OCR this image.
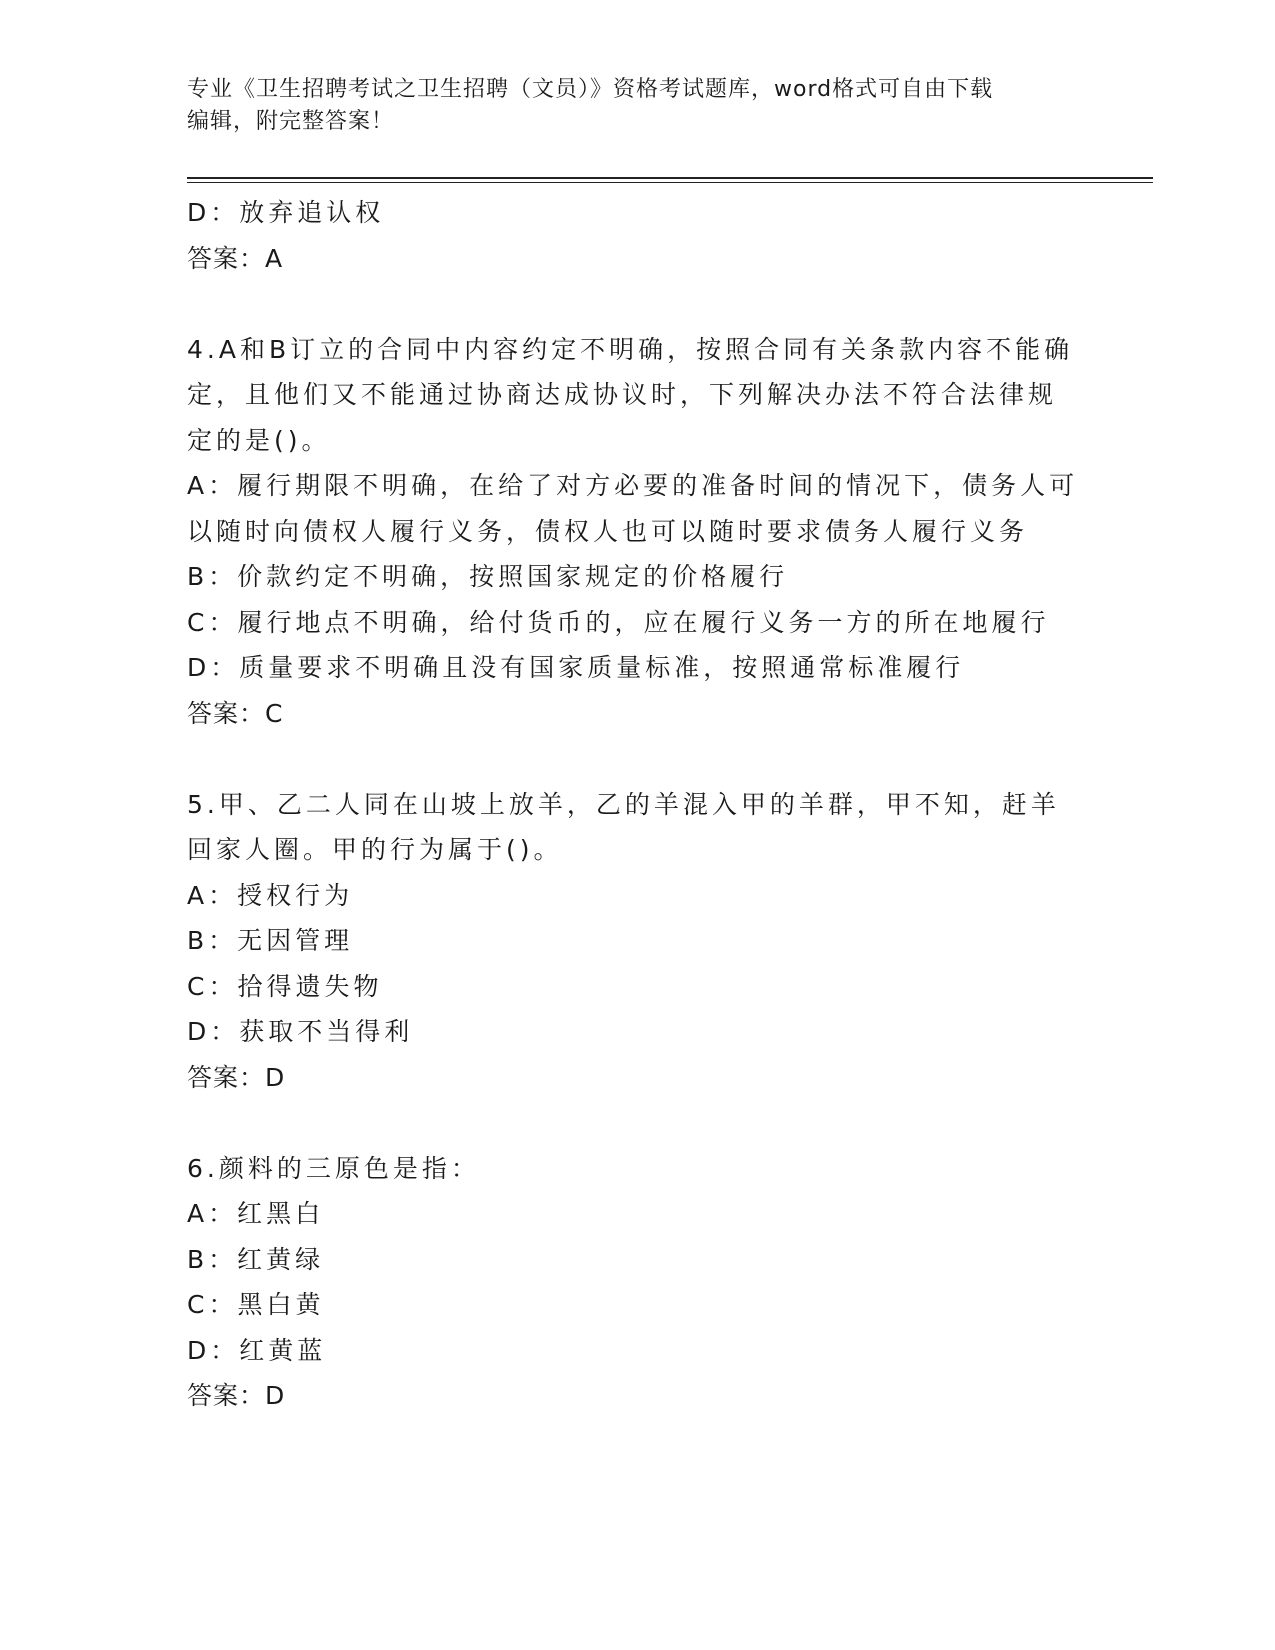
专业《卫生招聘考试之卫生招聘（文员）》资格考试题库，word格式可自由下载
编辑，附完整答案！
D：放弃追认权
答案：A
4.A和B订立的合同中内容约定不明确，按照合同有关条款内容不能确
定，且他们又不能通过协商达成协议时，下列解决办法不符合法律规
定的是()。
A：履行期限不明确，在给了对方必要的准备时间的情况下，债务人可
以随时向债权人履行义务，债权人也可以随时要求债务人履行义务
B：价款约定不明确，按照国家规定的价格履行
C：履行地点不明确，给付货币的，应在履行义务一方的所在地履行
D：质量要求不明确且没有国家质量标准，按照通常标准履行
答案：C
5.甲、乙二人同在山坡上放羊，乙的羊混入甲的羊群，甲不知，赶羊
回家人圈。甲的行为属于()。
A：授权行为
B：无因管理
C：拾得遗失物
D：获取不当得利
答案：D
6.颜料的三原色是指：
A：红黑白
B：红黄绿
C：黑白黄
D：红黄蓝
答案：D
